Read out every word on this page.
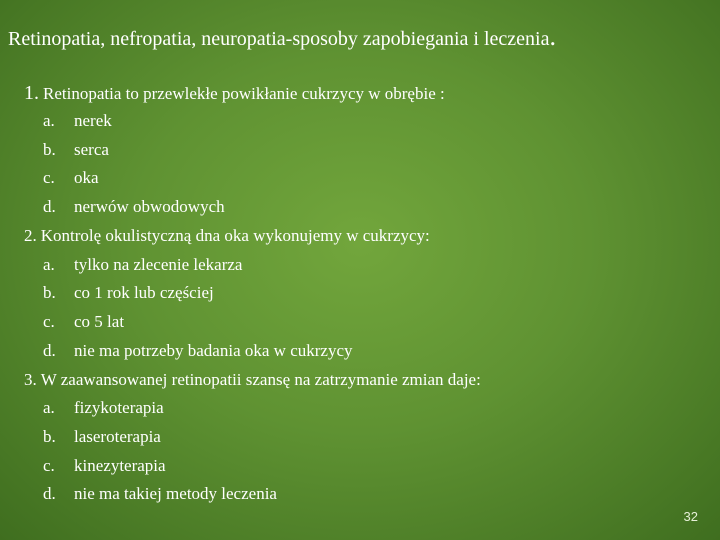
Retinopatia, nefropatia, neuropatia-sposoby zapobiegania i leczenia.
1. Retinopatia to przewlekłe powikłanie cukrzycy w obrębie :
a. nerek
b. serca
c. oka
d. nerwów obwodowych
2. Kontrolę okulistyczną dna oka wykonujemy w cukrzycy:
a. tylko na zlecenie lekarza
b. co 1 rok lub częściej
c. co 5 lat
d. nie ma potrzeby badania oka w cukrzycy
3. W zaawansowanej retinopatii szansę na zatrzymanie zmian daje:
a. fizykoterapia
b. laseroterapia
c. kinezyterapia
d. nie ma takiej metody leczenia
32
